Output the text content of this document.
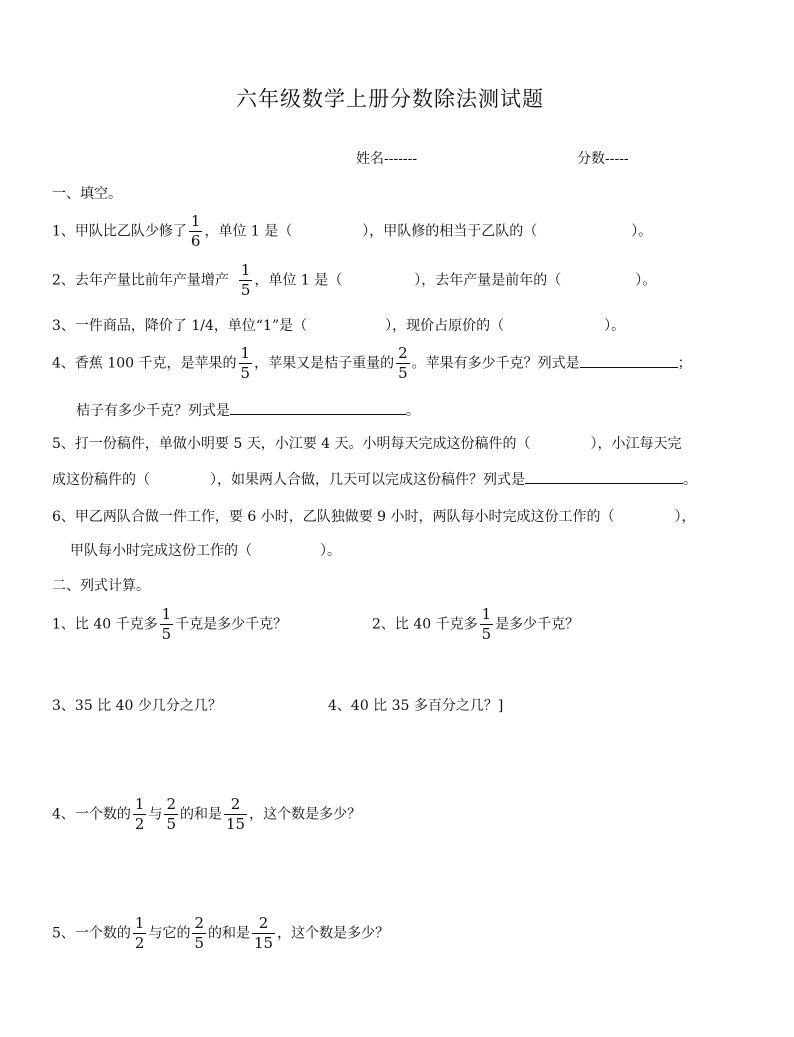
六年级数学上册分数除法测试题
姓名-------	分数-----
一、填空。
1、甲队比乙队少修了 $\frac{1}{6}$ ，单位 1 是（	），甲队修的相当于乙队的（	）。
2、去年产量比前年产量增产 $\frac{1}{5}$ ，单位 1 是（	），去年产量是前年的（	）。
3、一件商品，降价了 1/4，单位“1”是（	），现价占原价的（	）。
4、香蕉 100 千克，是苹果的 $\frac{1}{5}$ ，苹果又是桔子重量的 $\frac{2}{5}$ 。苹果有多少千克？列式是	；
桔子有多少千克？列式是	。
5、打一份稿件，单做小明要 5 天，小江要 4 天。小明每天完成这份稿件的（	），小江每天完
成这份稿件的（	），如果两人合做，几天可以完成这份稿件？列式是	。
6、甲乙两队合做一件工作，要 6 小时，乙队独做要 9 小时，两队每小时完成这份工作的（	），
甲队每小时完成这份工作的（	）。
二、列式计算。
1、比 40 千克多 $\frac{1}{5}$ 千克是多少千克？	2、比 40 千克多 $\frac{1}{5}$ 是多少千克？
3、35 比 40 少几分之几？	4、40 比 35 多百分之几？]
4、一个数的 $\frac{1}{2}$ 与 $\frac{2}{5}$ 的和是 $\frac{2}{15}$ ，这个数是多少？
5、一个数的 $\frac{1}{2}$ 与它的 $\frac{2}{5}$ 的和是 $\frac{2}{15}$ ，这个数是多少？
